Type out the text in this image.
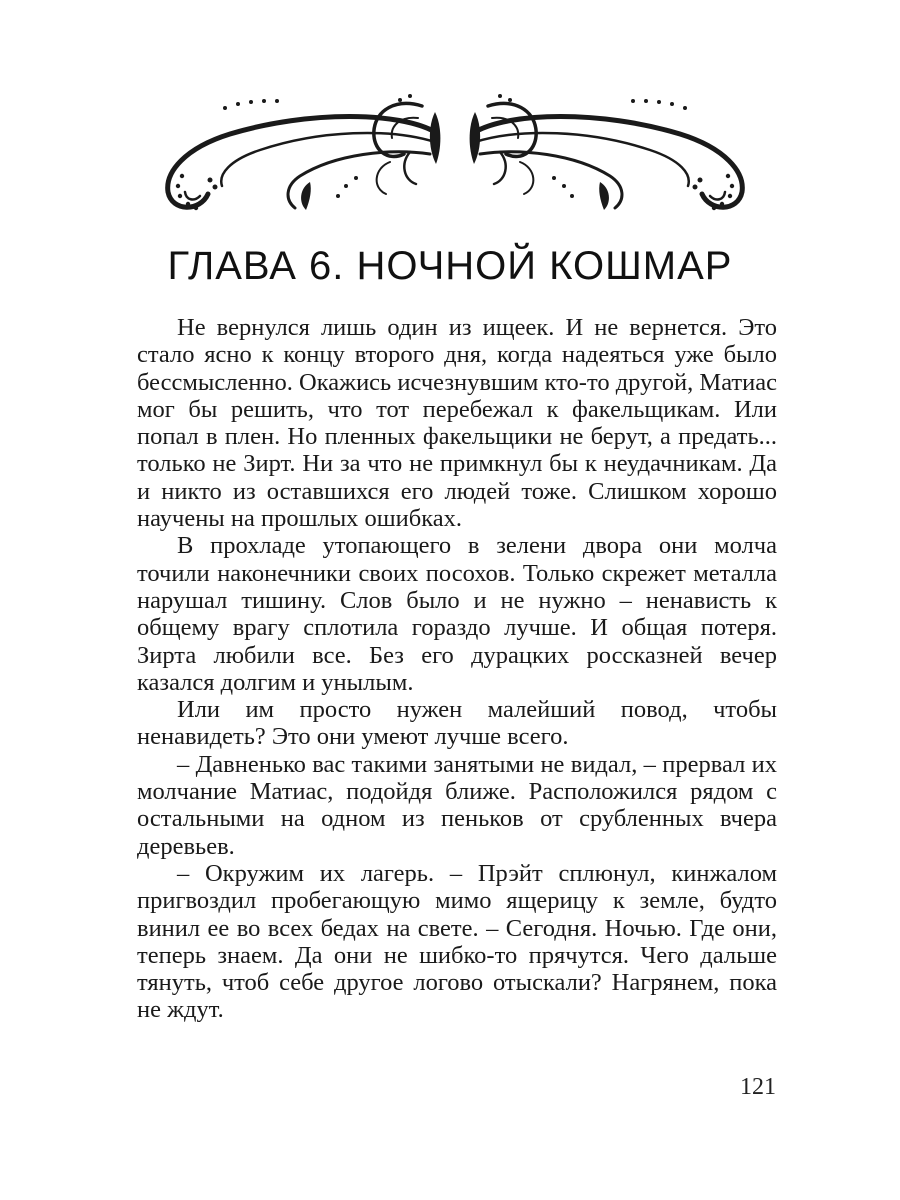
ГЛАВА 6. НОЧНОЙ КОШМАР

Не вернулся лишь один из ищеек. И не вернется. Это стало ясно к концу второго дня, когда надеяться уже было бессмысленно. Окажись исчезнувшим кто-то другой, Матиас мог бы решить, что тот перебежал к факельщикам. Или попал в плен. Но пленных факельщики не берут, а предать... только не Зирт. Ни за что не примкнул бы к неудачникам. Да и никто из оставшихся его людей тоже. Слишком хорошо научены на прошлых ошибках.

В прохладе утопающего в зелени двора они молча точили наконечники своих посохов. Только скрежет металла нарушал тишину. Слов было и не нужно – ненависть к общему врагу сплотила гораздо лучше. И общая потеря. Зирта любили все. Без его дурацких россказней вечер казался долгим и унылым.

Или им просто нужен малейший повод, чтобы ненавидеть? Это они умеют лучше всего.

– Давненько вас такими занятыми не видал, – прервал их молчание Матиас, подойдя ближе. Расположился рядом с остальными на одном из пеньков от срубленных вчера деревьев.

– Окружим их лагерь. – Прэйт сплюнул, кинжалом пригвоздил пробегающую мимо ящерицу к земле, будто винил ее во всех бедах на свете. – Сегодня. Ночью. Где они, теперь знаем. Да они не шибко-то прячутся. Чего дальше тянуть, чтоб себе другое логово отыскали? Нагрянем, пока не ждут.

121
